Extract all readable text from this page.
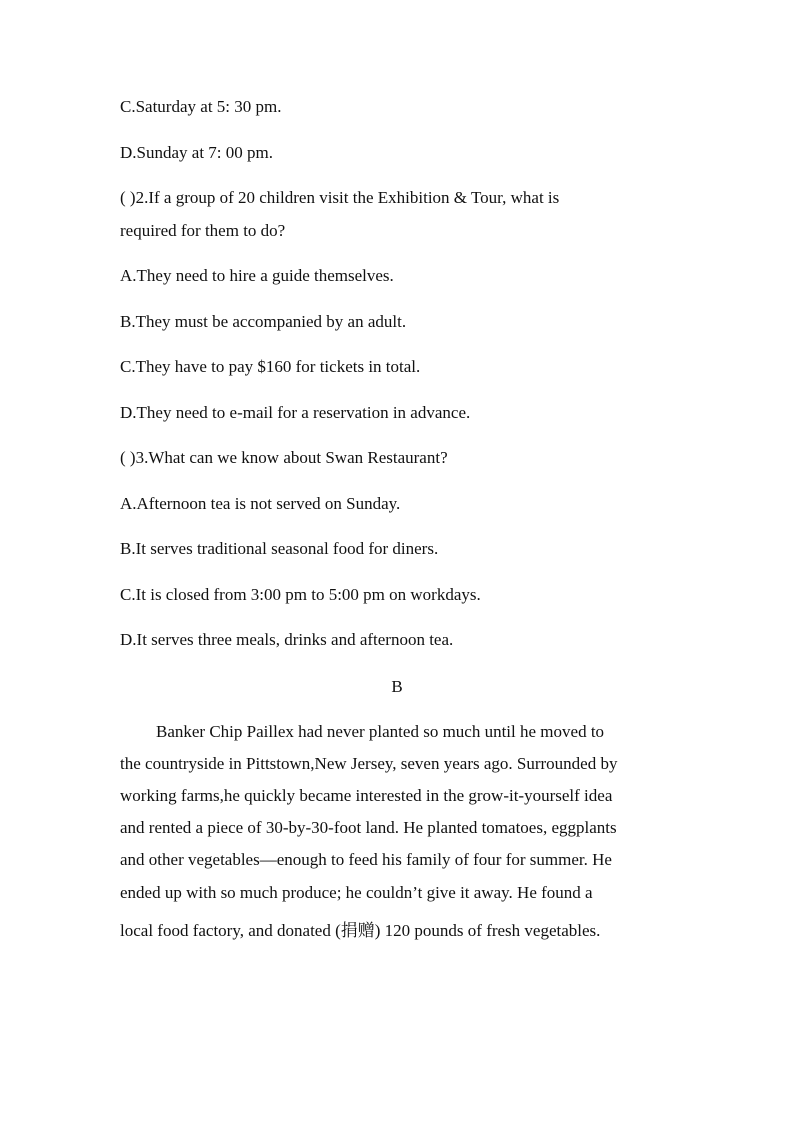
C.Saturday at 5: 30 pm.
D.Sunday at 7: 00 pm.
( )2.If a group of 20 children visit the Exhibition & Tour, what is
required for them to do?
A.They need to hire a guide themselves.
B.They must be accompanied by an adult.
C.They have to pay $160 for tickets in total.
D.They need to e-mail for a reservation in advance.
( )3.What can we know about Swan Restaurant?
A.Afternoon tea is not served on Sunday.
B.It serves traditional seasonal food for diners.
C.It is closed from 3:00 pm to 5:00 pm on workdays.
D.It serves three meals, drinks and afternoon tea.
B
Banker Chip Paillex had never planted so much until he moved to
the countryside in Pittstown,New Jersey, seven years ago. Surrounded by
working farms,he quickly became interested in the grow-it-yourself idea
and rented a piece of 30-by-30-foot land. He planted tomatoes, eggplants
and other vegetables—enough to feed his family of four for summer. He
ended up with so much produce; he couldn’t give it away. He found a
local food factory, and donated (捐赠) 120 pounds of fresh vegetables.
